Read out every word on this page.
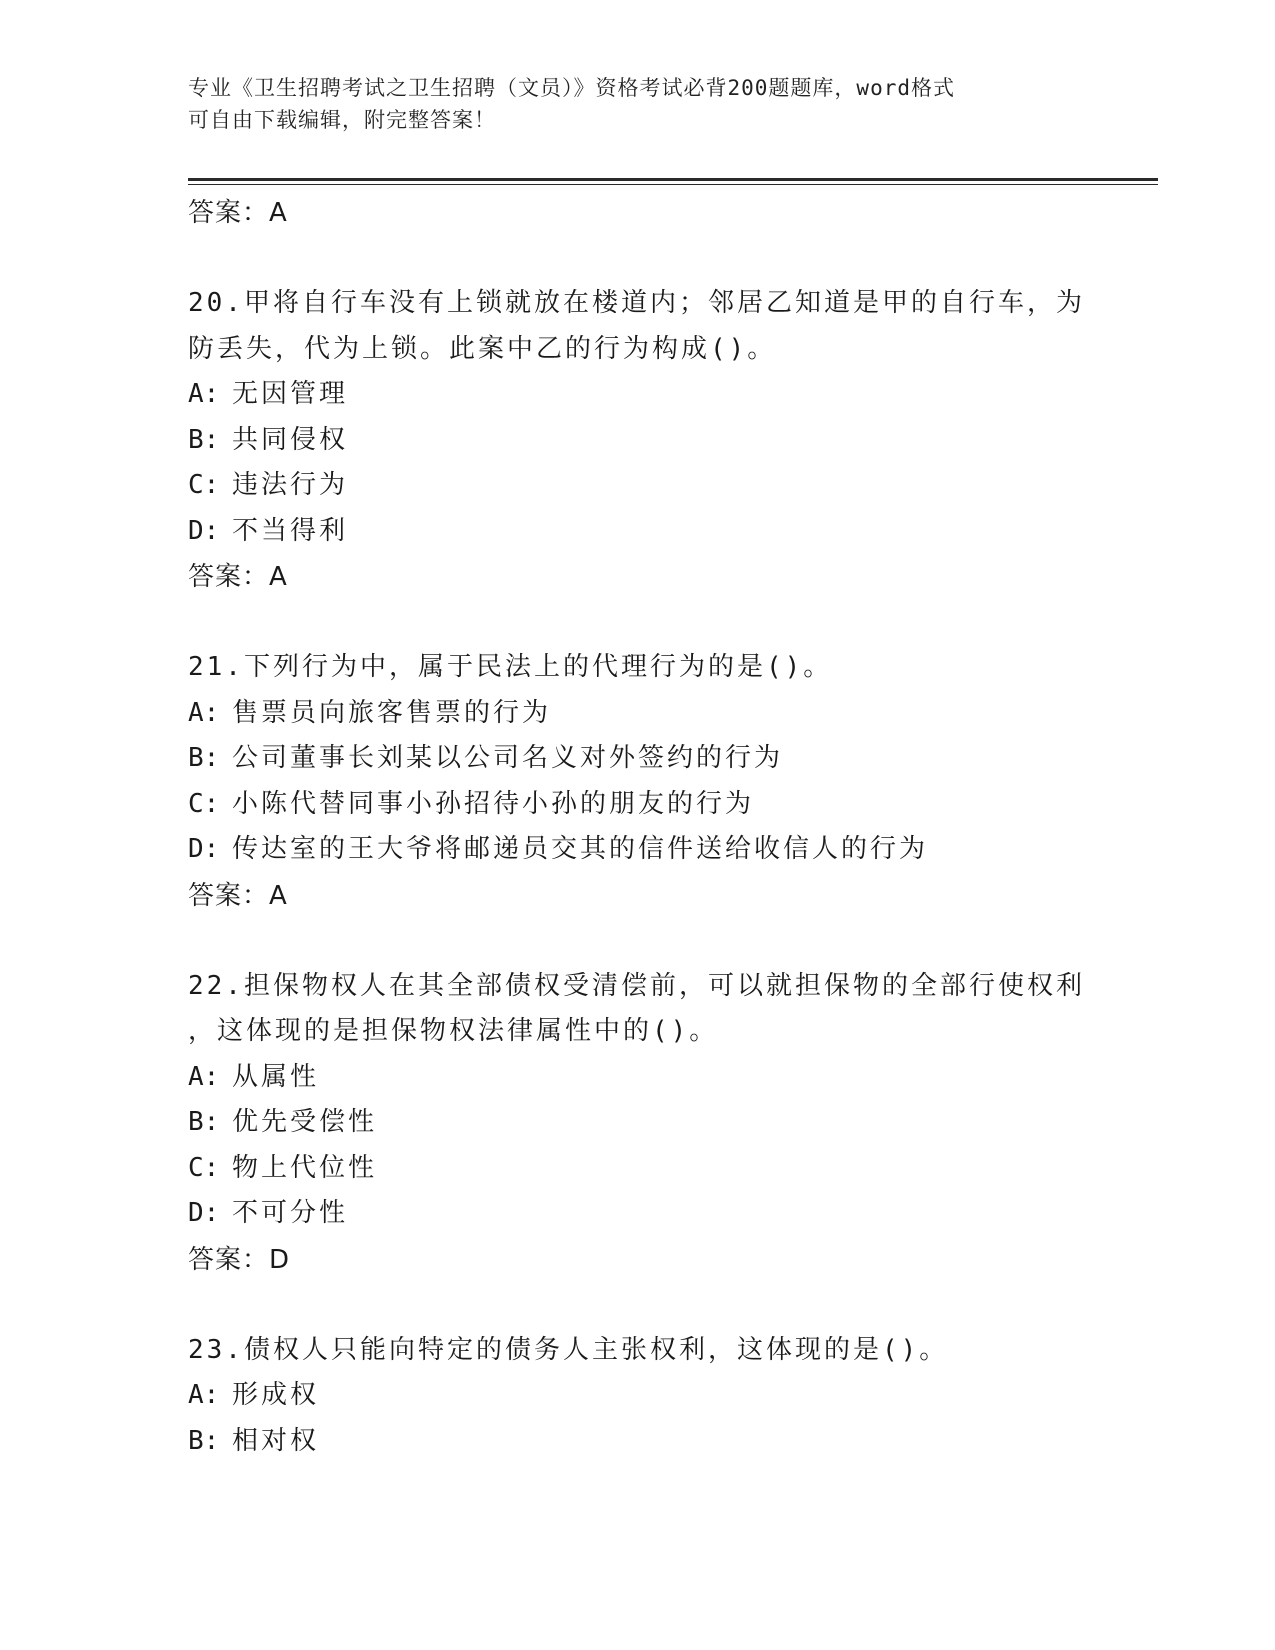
专业《卫生招聘考试之卫生招聘（文员）》资格考试必背200题题库，word格式
可自由下载编辑，附完整答案！
答案：A
20.甲将自行车没有上锁就放在楼道内；邻居乙知道是甲的自行车，为
防丢失，代为上锁。此案中乙的行为构成()。
A: 无因管理
B: 共同侵权
C: 违法行为
D: 不当得利
答案：A
21.下列行为中，属于民法上的代理行为的是()。
A: 售票员向旅客售票的行为
B: 公司董事长刘某以公司名义对外签约的行为
C: 小陈代替同事小孙招待小孙的朋友的行为
D: 传达室的王大爷将邮递员交其的信件送给收信人的行为
答案：A
22.担保物权人在其全部债权受清偿前，可以就担保物的全部行使权利
，这体现的是担保物权法律属性中的()。
A: 从属性
B: 优先受偿性
C: 物上代位性
D: 不可分性
答案：D
23.债权人只能向特定的债务人主张权利，这体现的是()。
A: 形成权
B: 相对权
